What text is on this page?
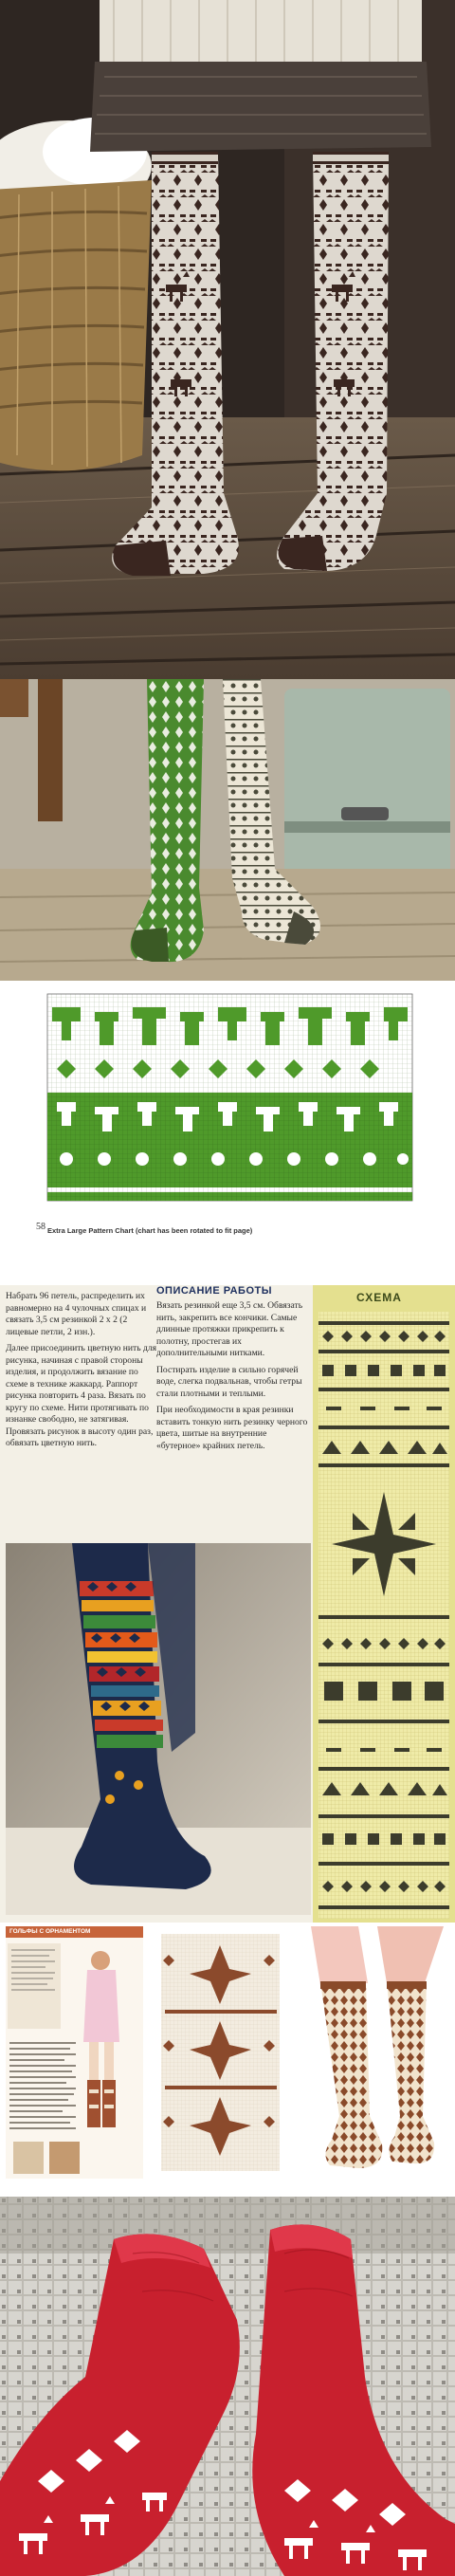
Extra Large Pattern Chart (chart has been rotated to fit page)
58

Набрать 96 петель, распределить их равномерно на 4 чулочных спицах и связать 3,5 см резинкой 2 х 2 (2 лицевые петли, 2 изн.).

Далее присоединить цветную нить для рисунка, начиная с правой стороны изделия, и продолжить вязание по схеме в технике жаккард. Раппорт рисунка повторить 4 раза. Вязать по кругу по схеме. Нити протягивать по изнанке свободно, не затягивая. Провязать рисунок в высоту один раз, обвязать цветную нить.

ОПИСАНИЕ РАБОТЫ

Вязать резинкой еще 3,5 см. Обвязать нить, закрепить все кончики. Самые длинные протяжки прикрепить к полотну, простегав их дополнительными нитками.

Постирать изделие в сильно горячей воде, слегка подвальнав, чтобы гетры стали плотными и теплыми.

При необходимости в края резинки вставить тонкую нить резинку черного цвета, шитые на внутренние «бутерное» крайних петель.

СХЕМА
ГОЛЬФЫ С ОРНАМЕНТОМ
